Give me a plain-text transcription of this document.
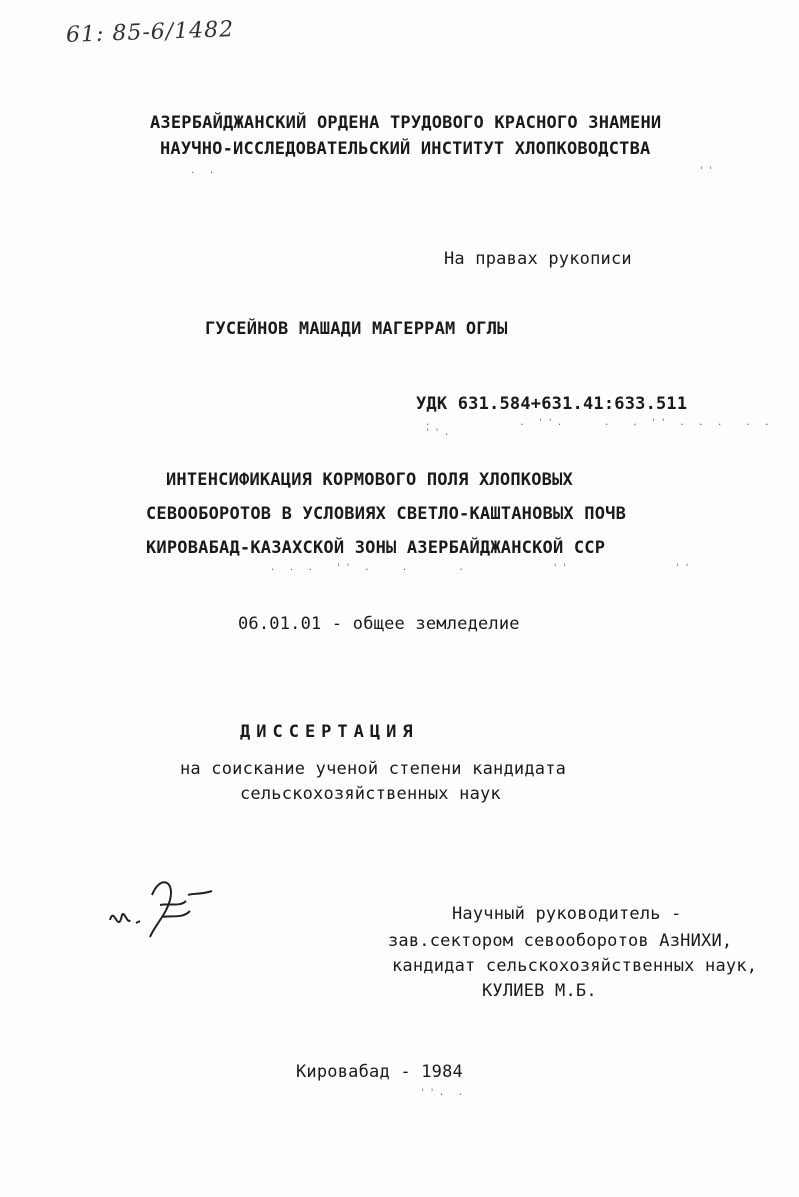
61: 85-6/1482
АЗЕРБАЙДЖАНСКИЙ ОРДЕНА ТРУДОВОГО КРАСНОГО ЗНАМЕНИ
НАУЧНО-ИССЛЕДОВАТЕЛЬСКИЙ ИНСТИТУТ ХЛОПКОВОДСТВА
. .                                                   ''
На правах рукописи
ГУСЕЙНОВ МАШАДИ МАГЕРРАМ ОГЛЫ
УДК 631.584+631.41:633.511
.         . ''.    .  . '' . . .  . . ''.
ИНТЕНСИФИКАЦИЯ КОРМОВОГО ПОЛЯ ХЛОПКОВЫХ
СЕВООБОРОТОВ В УСЛОВИЯХ СВЕТЛО-КАШТАНОВЫХ ПОЧВ
КИРОВАБАД-КАЗАХСКОЙ ЗОНЫ АЗЕРБАЙДЖАНСКОЙ ССР
. . .  '' .   .     .         ''           ''
06.01.01 - общее земледелие
ДИССЕРТАЦИЯ
на соискание ученой степени кандидата
сельскохозяйственных наук
Научный руководитель -
зав.сектором севооборотов АзНИХИ,
кандидат сельскохозяйственных наук,
КУЛИЕВ М.Б.
Кировабад - 1984
''. .
